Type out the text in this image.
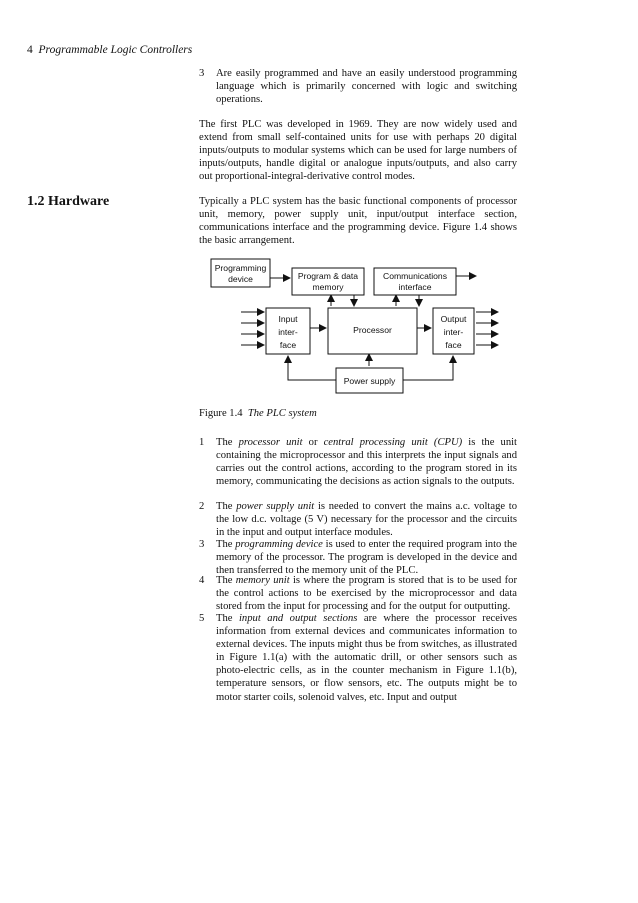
4 Programmable Logic Controllers
3	Are easily programmed and have an easily understood programming language which is primarily concerned with logic and switching operations.
The first PLC was developed in 1969. They are now widely used and extend from small self-contained units for use with perhaps 20 digital inputs/outputs to modular systems which can be used for large numbers of inputs/outputs, handle digital or analogue inputs/outputs, and also carry out proportional-integral-derivative control modes.
1.2 Hardware	Typically a PLC system has the basic functional components of processor unit, memory, power supply unit, input/output interface section, communications interface and the programming device. Figure 1.4 shows the basic arrangement.
Programming
device	Program & data
memory
Communications
interface
Input
inter-
face
Processor
Output
inter-
face
Power supply
Figure 1.4 The PLC system
1	The processor unit or central processing unit (CPU) is the unit containing the microprocessor and this interprets the input signals and carries out the control actions, according to the program stored in its memory, communicating the decisions as action signals to the outputs.
2	The power supply unit is needed to convert the mains a.c. voltage to the low d.c. voltage (5 V) necessary for the processor and the circuits in the input and output interface modules.
3	The programming device is used to enter the required program into the memory of the processor. The program is developed in the device and then transferred to the memory unit of the PLC.
4	The memory unit is where the program is stored that is to be used for the control actions to be exercised by the microprocessor and data stored from the input for processing and for the output for outputting.
5	The input and output sections are where the processor receives information from external devices and communicates information to external devices. The inputs might thus be from switches, as illustrated in Figure 1.1(a) with the automatic drill, or other sensors such as photo-electric cells, as in the counter mechanism in Figure 1.1(b), temperature sensors, or flow sensors, etc. The outputs might be to motor starter coils, solenoid valves, etc. Input and output
